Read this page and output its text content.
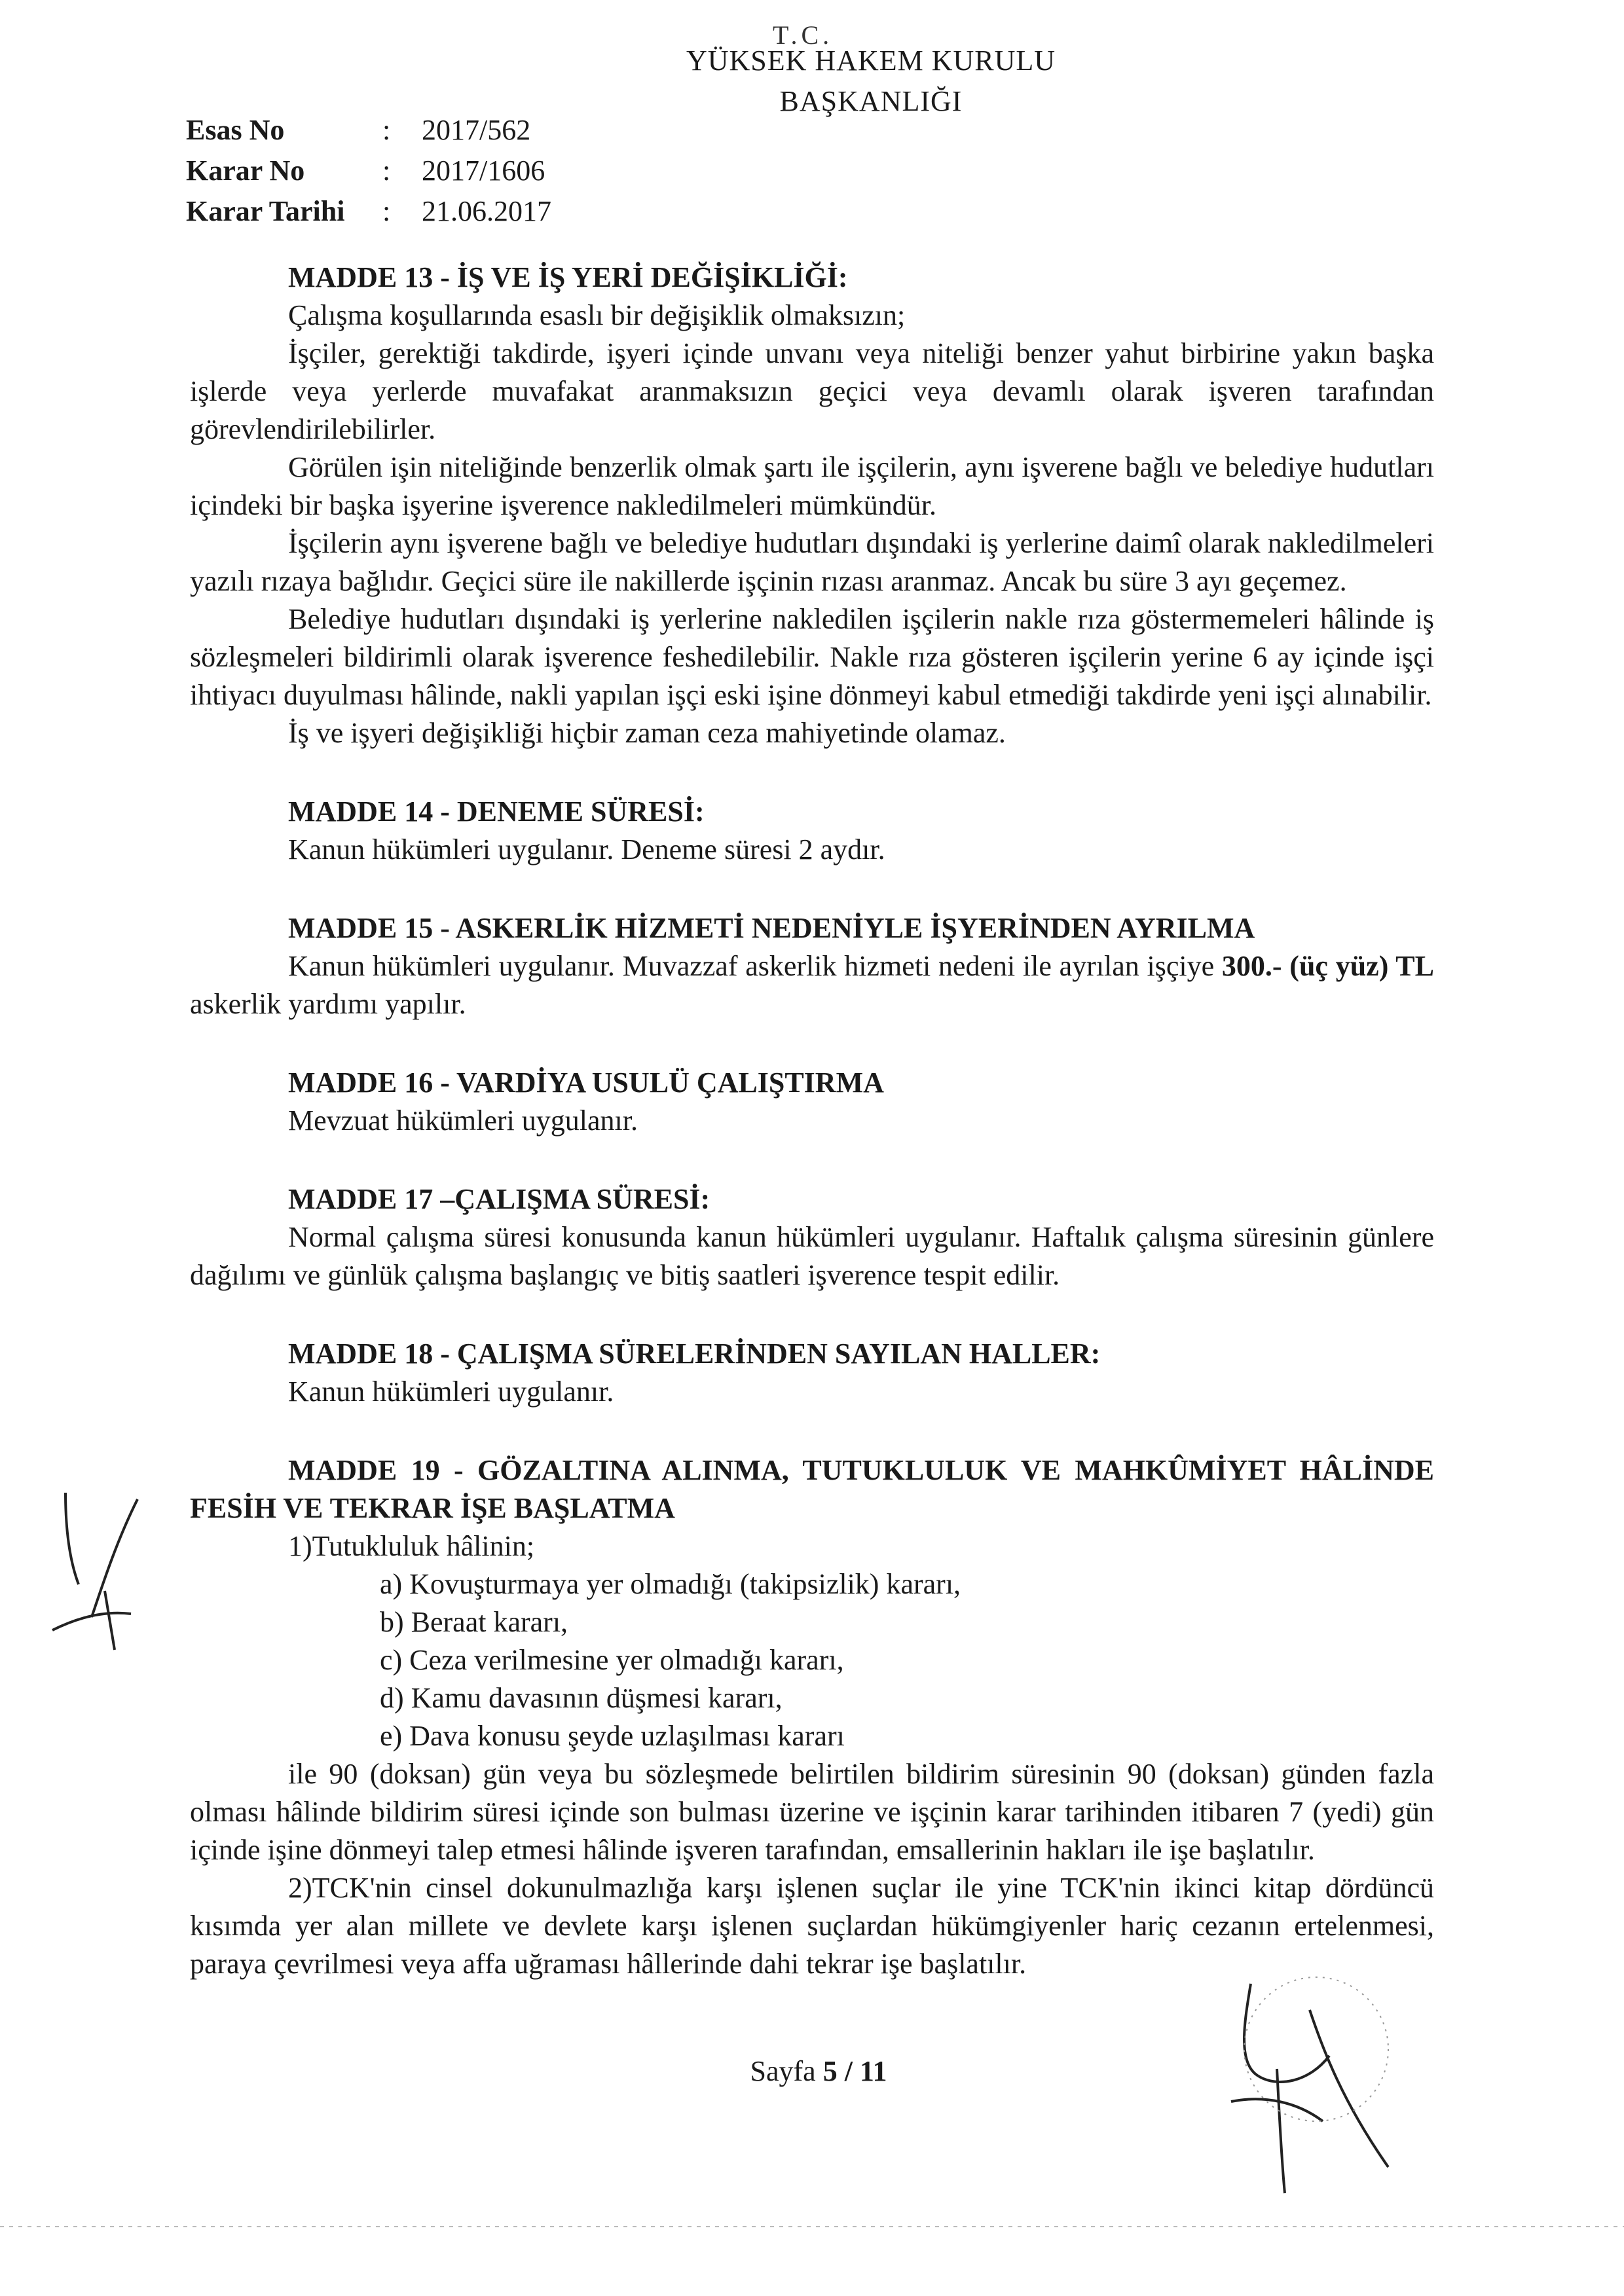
T.C.
YÜKSEK HAKEM KURULU
BAŞKANLIĞI
Esas No	:	2017/562
Karar No	:	2017/1606
Karar Tarihi	:	21.06.2017
MADDE 13 - İŞ VE İŞ YERİ DEĞİŞİKLİĞİ:

Çalışma koşullarında esaslı bir değişiklik olmaksızın;

İşçiler, gerektiği takdirde, işyeri içinde unvanı veya niteliği benzer yahut birbirine yakın başka işlerde veya yerlerde muvafakat aranmaksızın geçici veya devamlı olarak işveren tarafından görevlendirilebilirler.

Görülen işin niteliğinde benzerlik olmak şartı ile işçilerin, aynı işverene bağlı ve belediye hudutları içindeki bir başka işyerine işverence nakledilmeleri mümkündür.

İşçilerin aynı işverene bağlı ve belediye hudutları dışındaki iş yerlerine daimî olarak nakledilmeleri yazılı rızaya bağlıdır. Geçici süre ile nakillerde işçinin rızası aranmaz. Ancak bu süre 3 ayı geçemez.

Belediye hudutları dışındaki iş yerlerine nakledilen işçilerin nakle rıza göstermemeleri hâlinde iş sözleşmeleri bildirimli olarak işverence feshedilebilir. Nakle rıza gösteren işçilerin yerine 6 ay içinde işçi ihtiyacı duyulması hâlinde, nakli yapılan işçi eski işine dönmeyi kabul etmediği takdirde yeni işçi alınabilir.

İş ve işyeri değişikliği hiçbir zaman ceza mahiyetinde olamaz.

MADDE 14 - DENEME SÜRESİ:

Kanun hükümleri uygulanır. Deneme süresi 2 aydır.

MADDE 15 - ASKERLİK HİZMETİ NEDENİYLE İŞYERİNDEN AYRILMA

Kanun hükümleri uygulanır. Muvazzaf askerlik hizmeti nedeni ile ayrılan işçiye 300.- (üç yüz) TL askerlik yardımı yapılır.

MADDE 16 - VARDİYA USULÜ ÇALIŞTIRMA

Mevzuat hükümleri uygulanır.

MADDE 17 –ÇALIŞMA SÜRESİ:

Normal çalışma süresi konusunda kanun hükümleri uygulanır. Haftalık çalışma süresinin günlere dağılımı ve günlük çalışma başlangıç ve bitiş saatleri işverence tespit edilir.

MADDE 18 - ÇALIŞMA SÜRELERİNDEN SAYILAN HALLER:

Kanun hükümleri uygulanır.

MADDE 19 - GÖZALTINA ALINMA, TUTUKLULUK VE MAHKÛMİYET HÂLİNDE FESİH VE TEKRAR İŞE BAŞLATMA

1)Tutukluluk hâlinin;

a) Kovuşturmaya yer olmadığı (takipsizlik) kararı,
b) Beraat kararı,
c) Ceza verilmesine yer olmadığı kararı,
d) Kamu davasının düşmesi kararı,
e) Dava konusu şeyde uzlaşılması kararı

ile 90 (doksan) gün veya bu sözleşmede belirtilen bildirim süresinin 90 (doksan) günden fazla olması hâlinde bildirim süresi içinde son bulması üzerine ve işçinin karar tarihinden itibaren 7 (yedi) gün içinde işine dönmeyi talep etmesi hâlinde işveren tarafından, emsallerinin hakları ile işe başlatılır.

2)TCK'nin cinsel dokunulmazlığa karşı işlenen suçlar ile yine TCK'nin ikinci kitap dördüncü kısımda yer alan millete ve devlete karşı işlenen suçlardan hükümgiyenler hariç cezanın ertelenmesi, paraya çevrilmesi veya affa uğraması hâllerinde dahi tekrar işe başlatılır.

Sayfa 5 / 11
